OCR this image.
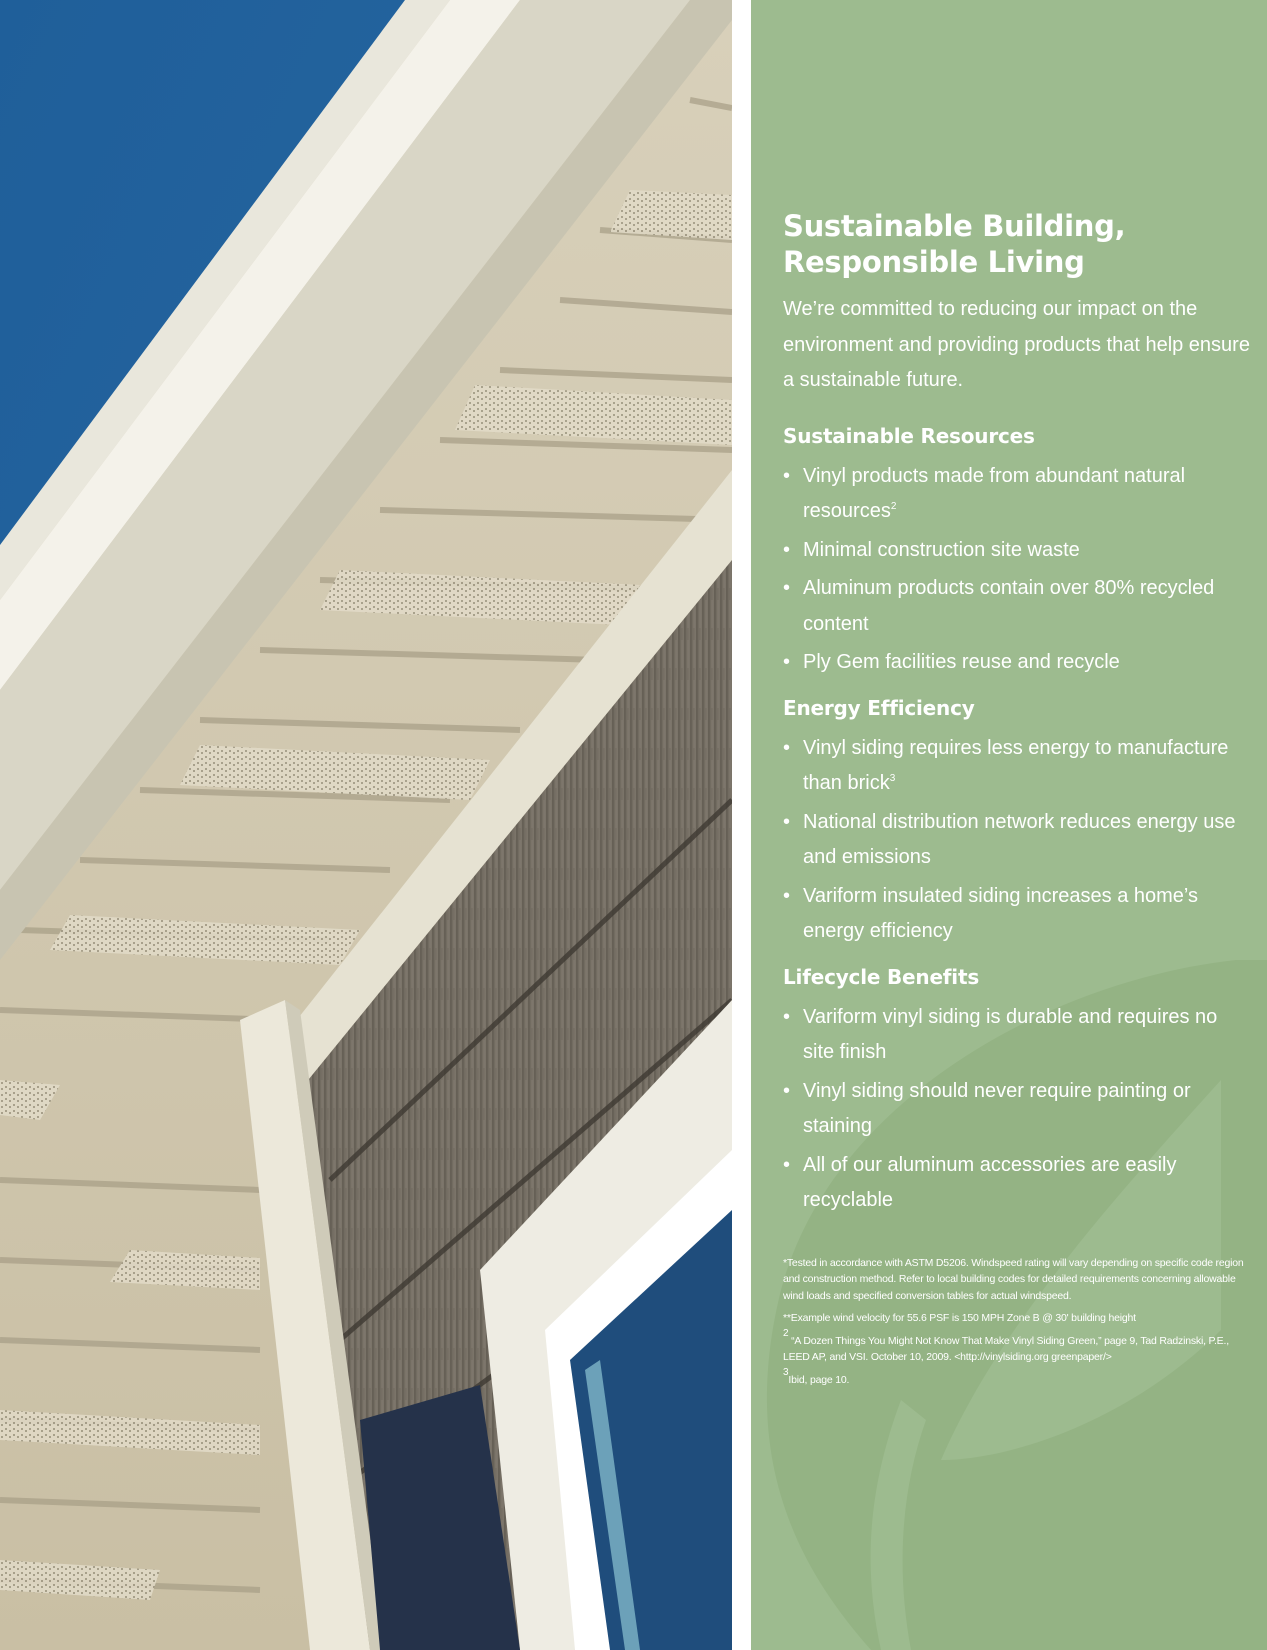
Sustainable Building,
Responsible Living

We’re committed to reducing our impact on the environment and providing products that help ensure a sustainable future.

Sustainable Resources
• Vinyl products made from abundant natural resources$^2$
• Minimal construction site waste
• Aluminum products contain over 80% recycled content
• Ply Gem facilities reuse and recycle
Energy Efficiency
• Vinyl siding requires less energy to manufacture than brick$^3$
• National distribution network reduces energy use and emissions
• Variform insulated siding increases a home’s energy efficiency
Lifecycle Benefits
• Variform vinyl siding is durable and requires no site finish
• Vinyl siding should never require painting or staining
• All of our aluminum accessories are easily recyclable

*Tested in accordance with ASTM D5206. Windspeed rating will vary depending on specific code region and construction method. Refer to local building codes for detailed requirements concerning allowable wind loads and specified conversion tables for actual windspeed.

**Example wind velocity for 55.6 PSF is 150 MPH Zone B @ 30' building height

$^2$ “A Dozen Things You Might Not Know That Make Vinyl Siding Green,” page 9, Tad Radzinski, P.E., LEED AP, and VSI. October 10, 2009. <http://vinylsiding.org greenpaper/>

$^3$Ibid, page 10.
